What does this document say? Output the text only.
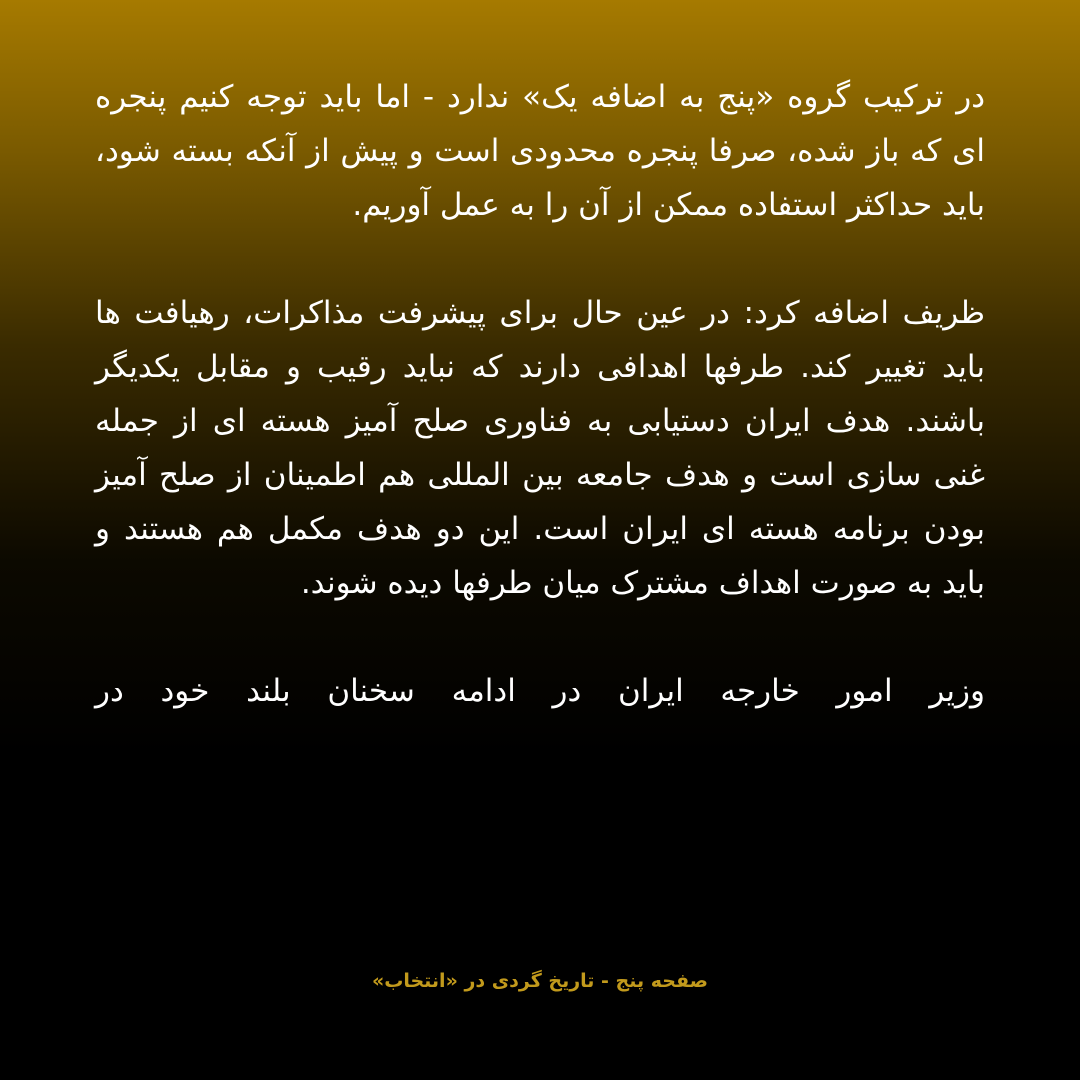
در ترکیب گروه «پنج به اضافه یک» ندارد - اما باید توجه کنیم پنجره ای که باز شده، صرفا پنجره محدودی است و پیش از آنکه بسته شود، باید حداکثر استفاده ممکن از آن را به عمل آوریم.

ظریف اضافه کرد: در عین حال برای پیشرفت مذاکرات، رهیافت ها باید تغییر کند. طرفها اهدافی دارند که نباید رقیب و مقابل یکدیگر باشند. هدف ایران دستیابی به فناوری صلح آمیز هسته ای از جمله غنی سازی است و هدف جامعه بین المللی هم اطمینان از صلح آمیز بودن برنامه هسته ای ایران است. این دو هدف مکمل هم هستند و باید به صورت اهداف مشترک میان طرفها دیده شوند.

وزیر امور خارجه ایران در ادامه سخنان بلند خود در

صفحه پنج - تاریخ گردی در «انتخاب»
